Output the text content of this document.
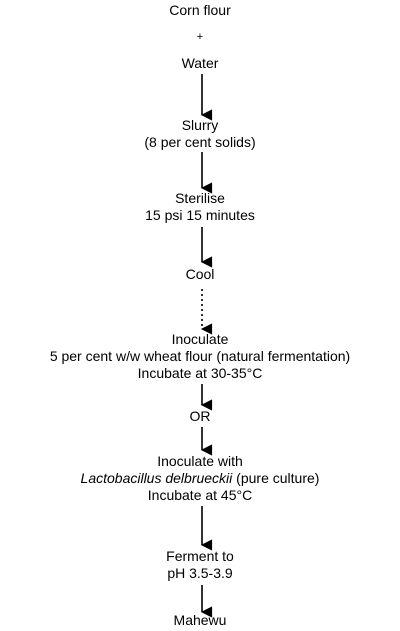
Corn flour
+
Water
Slurry
(8 per cent solids)
Sterilise
15 psi 15 minutes
Cool
Inoculate
5 per cent w/w wheat flour (natural fermentation)
Incubate at 30-35°C
OR
Inoculate with
Lactobacillus delbrueckii (pure culture)
Incubate at 45°C
Ferment to
pH 3.5-3.9
Mahewu
